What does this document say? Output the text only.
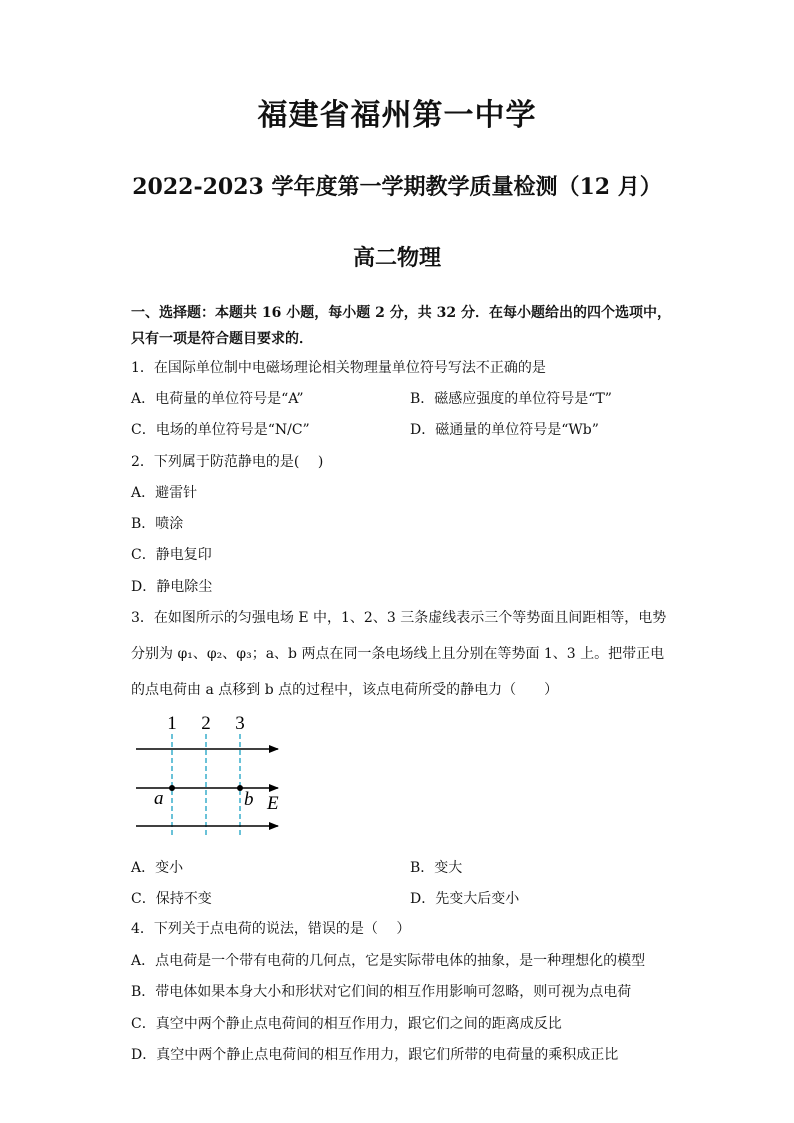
福建省福州第一中学
2022-2023 学年度第一学期教学质量检测（12 月）
高二物理
一、选择题：本题共 16 小题，每小题 2 分，共 32 分．在每小题给出的四个选项中，
只有一项是符合题目要求的．
1．在国际单位制中电磁场理论相关物理量单位符号写法不正确的是
A．电荷量的单位符号是“A”	B．磁感应强度的单位符号是“T”
C．电场的单位符号是“N/C”	D．磁通量的单位符号是“Wb”
2．下列属于防范静电的是(　 )
A．避雷针
B．喷涂
C．静电复印
D．静电除尘
3．在如图所示的匀强电场 E 中，1、2、3 三条虚线表示三个等势面且间距相等，电势
分别为 φ₁、φ₂、φ₃；a、b 两点在同一条电场线上且分别在等势面 1、3 上。把带正电
的点电荷由 a 点移到 b 点的过程中，该点电荷所受的静电力（　　）
1 2 3
a	b E
A．变小	B．变大
C．保持不变	D．先变大后变小
4．下列关于点电荷的说法，错误的是（　 ）
A．点电荷是一个带有电荷的几何点，它是实际带电体的抽象，是一种理想化的模型
B．带电体如果本身大小和形状对它们间的相互作用影响可忽略，则可视为点电荷
C．真空中两个静止点电荷间的相互作用力，跟它们之间的距离成反比
D．真空中两个静止点电荷间的相互作用力，跟它们所带的电荷量的乘积成正比
